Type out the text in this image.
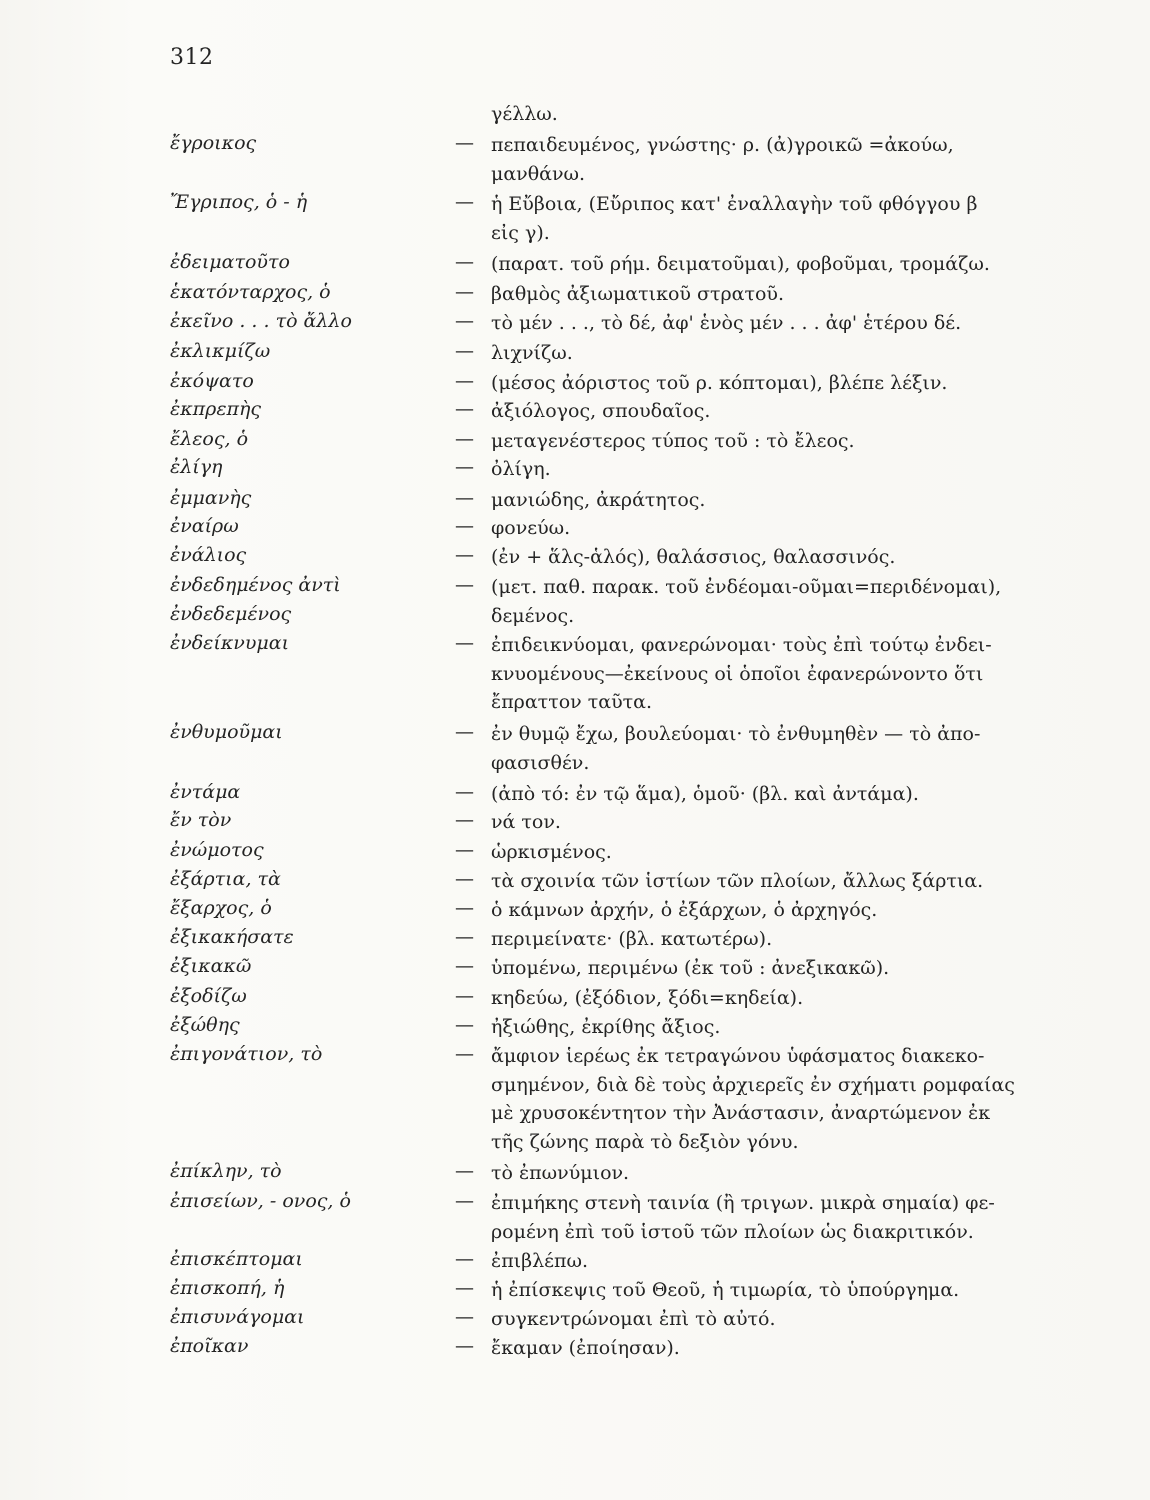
312
γέλλω.
ἔγροικος	— πεπαιδευμένος, γνώστης· ρ. (ἀ)γροικῶ =ἀκούω,
μανθάνω.
Ἔγριπος, ὁ - ἡ	— ἡ Εὔβοια, (Εὔριπος κατ' ἐναλλαγὴν τοῦ φθόγγου β
εἰς γ).
ἐδειματοῦτο	— (παρατ. τοῦ ρήμ. δειματοῦμαι), φοβοῦμαι, τρομάζω.
ἑκατόνταρχος, ὁ	— βαθμὸς ἀξιωματικοῦ στρατοῦ.
ἐκεῖνο . . . τὸ ἄλλο	— τὸ μέν . . ., τὸ δέ, ἀφ' ἑνὸς μέν . . . ἀφ' ἑτέρου δέ.
ἐκλικμίζω	— λιχνίζω.
ἐκόψατο	— (μέσος ἀόριστος τοῦ ρ. κόπτομαι), βλέπε λέξιν.
ἐκπρεπὴς	— ἀξιόλογος, σπουδαῖος.
ἔλεος, ὁ	— μεταγενέστερος τύπος τοῦ : τὸ ἔλεος.
ἐλίγη	— ὀλίγη.
ἐμμανὴς	— μανιώδης, ἀκράτητος.
ἐναίρω	— φονεύω.
ἐνάλιος	— (ἐν + ἅλς-ἁλός), θαλάσσιος, θαλασσινός.
ἐνδεδημένος ἀντὶ	— (μετ. παθ. παρακ. τοῦ ἐνδέομαι-οῦμαι=περιδένομαι),
ἐνδεδεμένος	δεμένος.
ἐνδείκνυμαι	— ἐπιδεικνύομαι, φανερώνομαι· τοὺς ἐπὶ τούτῳ ἐνδει-
κνυομένους—ἐκείνους οἱ ὁποῖοι ἐφανερώνοντο ὅτι
ἔπραττον ταῦτα.
ἐνθυμοῦμαι	— ἐν θυμῷ ἔχω, βουλεύομαι· τὸ ἐνθυμηθὲν — τὸ ἀπο-
φασισθέν.
ἐντάμα	— (ἀπὸ τό: ἐν τῷ ἅμα), ὁμοῦ· (βλ. καὶ ἀντάμα).
ἔν τὸν	— νά τον.
ἐνώμοτος	— ὡρκισμένος.
ἐξάρτια, τὰ	— τὰ σχοινία τῶν ἱστίων τῶν πλοίων, ἄλλως ξάρτια.
ἔξαρχος, ὁ	— ὁ κάμνων ἀρχήν, ὁ ἐξάρχων, ὁ ἀρχηγός.
ἐξικακήσατε	— περιμείνατε· (βλ. κατωτέρω).
ἐξικακῶ	— ὑπομένω, περιμένω (ἐκ τοῦ : ἀνεξικακῶ).
ἐξοδίζω	— κηδεύω, (ἐξόδιον, ξόδι=κηδεία).
ἐξώθης	— ἠξιώθης, ἐκρίθης ἄξιος.
ἐπιγονάτιον, τὸ	— ἄμφιον ἱερέως ἐκ τετραγώνου ὑφάσματος διακεκο-
σμημένον, διὰ δὲ τοὺς ἀρχιερεῖς ἐν σχήματι ρομφαίας
μὲ χρυσοκέντητον τὴν Ἀνάστασιν, ἀναρτώμενον ἐκ
τῆς ζώνης παρὰ τὸ δεξιὸν γόνυ.
ἐπίκλην, τὸ	— τὸ ἐπωνύμιον.
ἐπισείων, - ονος, ὁ	— ἐπιμήκης στενὴ ταινία (ἢ τριγων. μικρὰ σημαία) φε-
ρομένη ἐπὶ τοῦ ἱστοῦ τῶν πλοίων ὡς διακριτικόν.
ἐπισκέπτομαι	— ἐπιβλέπω.
ἐπισκοπή, ἡ	— ἡ ἐπίσκεψις τοῦ Θεοῦ, ἡ τιμωρία, τὸ ὑπούργημα.
ἐπισυνάγομαι	— συγκεντρώνομαι ἐπὶ τὸ αὐτό.
ἐποῖκαν	— ἔκαμαν (ἐποίησαν).
